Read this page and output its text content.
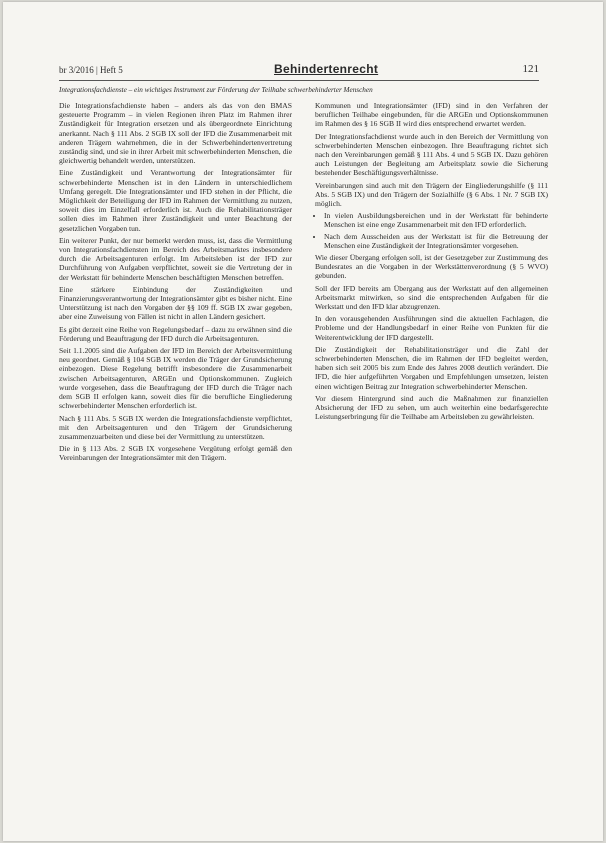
br 3/2016 | Heft 5	Behindertenrecht	121
Integrationsfachdienste – ein wichtiges Instrument zur Förderung der Teilhabe schwerbehinderter Menschen

Die Integrationsfachdienste haben – anders als das von den BMAS gesteuerte Programm – in vielen Regionen ihren Platz im Rahmen ihrer Zuständigkeit für Integration ersetzen und als übergeordnete Einrichtung anerkannt. Nach § 111 Abs. 2 SGB IX soll der IFD die Zusammenarbeit mit anderen Trägern wahrnehmen, die in der Schwerbehindertenvertretung zuständig sind, und sie in ihrer Arbeit mit schwerbehinderten Menschen, die gleichwertig behandelt werden, unterstützen.

Eine Zuständigkeit und Verantwortung der Integrationsämter für schwerbehinderte Menschen ist in den Ländern in unterschiedlichem Umfang geregelt. Die Integrationsämter und IFD stehen in der Pflicht, die Möglichkeit der Beteiligung der IFD im Rahmen der Vermittlung zu nutzen, soweit dies im Einzelfall erforderlich ist. Auch die Rehabilitationsträger sollen dies im Rahmen ihrer Zuständigkeit und unter Beachtung der gesetzlichen Vorgaben tun.

Ein weiterer Punkt, der nur bemerkt werden muss, ist, dass die Vermittlung von Integrationsfachdiensten im Bereich des Arbeitsmarktes insbesondere durch die Arbeitsagenturen erfolgt. Im Arbeitsleben ist der IFD zur Durchführung von Aufgaben verpflichtet, soweit sie die Vertretung der in der Werkstatt für behinderte Menschen beschäftigten Menschen betreffen.

Eine stärkere Einbindung der Zuständigkeiten und Finanzierungsverantwortung der Integrationsämter gibt es bisher nicht. Eine Unterstützung ist nach den Vorgaben der §§ 109 ff. SGB IX zwar gegeben, aber eine Zuweisung von Fällen ist nicht in allen Ländern gesichert.

Es gibt derzeit eine Reihe von Regelungsbedarf – dazu zu erwähnen sind die Förderung und Beauftragung der IFD durch die Arbeitsagenturen.

Seit 1.1.2005 sind die Aufgaben der IFD im Bereich der Arbeitsvermittlung neu geordnet. Gemäß § 104 SGB IX werden die Träger der Grundsicherung einbezogen. Diese Regelung betrifft insbesondere die Zusammenarbeit zwischen Arbeitsagenturen, ARGEn und Optionskommunen. Zugleich wurde vorgesehen, dass die Beauftragung der IFD durch die Träger nach dem SGB II erfolgen kann, soweit dies für die berufliche Eingliederung schwerbehinderter Menschen erforderlich ist.

Nach § 111 Abs. 5 SGB IX werden die Integrationsfachdienste verpflichtet, mit den Arbeitsagenturen und den Trägern der Grundsicherung zusammenzuarbeiten und diese bei der Vermittlung zu unterstützen.

Die in § 113 Abs. 2 SGB IX vorgesehene Vergütung erfolgt gemäß den Vereinbarungen der Integrationsämter mit den Trägern.

Kommunen und Integrationsämter (IFD) sind in den Verfahren der beruflichen Teilhabe eingebunden, für die ARGEn und Optionskommunen im Rahmen des § 16 SGB II wird dies entsprechend erwartet werden.

Der Integrationsfachdienst wurde auch in den Bereich der Vermittlung von schwerbehinderten Menschen einbezogen. Ihre Beauftragung richtet sich nach den Vereinbarungen gemäß § 111 Abs. 4 und 5 SGB IX. Dazu gehören auch Leistungen der Begleitung am Arbeitsplatz sowie die Sicherung bestehender Beschäftigungsverhältnisse.

Vereinbarungen sind auch mit den Trägern der Eingliederungshilfe (§ 111 Abs. 5 SGB IX) und den Trägern der Sozialhilfe (§ 6 Abs. 1 Nr. 7 SGB IX) möglich.

• In vielen Ausbildungsbereichen und in der Werkstatt für behinderte Menschen ist eine enge Zusammenarbeit mit den IFD erforderlich.
• Nach dem Ausscheiden aus der Werkstatt ist für die Betreuung der Menschen eine Zuständigkeit der Integrationsämter vorgesehen.

Wie dieser Übergang erfolgen soll, ist der Gesetzgeber zur Zustimmung des Bundesrates an die Vorgaben in der Werkstättenverordnung (§ 5 WVO) gebunden.

Soll der IFD bereits am Übergang aus der Werkstatt auf den allgemeinen Arbeitsmarkt mitwirken, so sind die entsprechenden Aufgaben für die Werkstatt und den IFD klar abzugrenzen.

In den vorausgehenden Ausführungen sind die aktuellen Fachlagen, die Probleme und der Handlungsbedarf in einer Reihe von Punkten für die Weiterentwicklung der IFD dargestellt.

Die Zuständigkeit der Rehabilitationsträger und die Zahl der schwerbehinderten Menschen, die im Rahmen der IFD begleitet werden, haben sich seit 2005 bis zum Ende des Jahres 2008 deutlich verändert. Die IFD, die hier aufgeführten Vorgaben und Empfehlungen umsetzen, leisten einen wichtigen Beitrag zur Integration schwerbehinderter Menschen.

Vor diesem Hintergrund sind auch die Maßnahmen zur finanziellen Absicherung der IFD zu sehen, um auch weiterhin eine bedarfsgerechte Leistungserbringung für die Teilhabe am Arbeitsleben zu gewährleisten.
